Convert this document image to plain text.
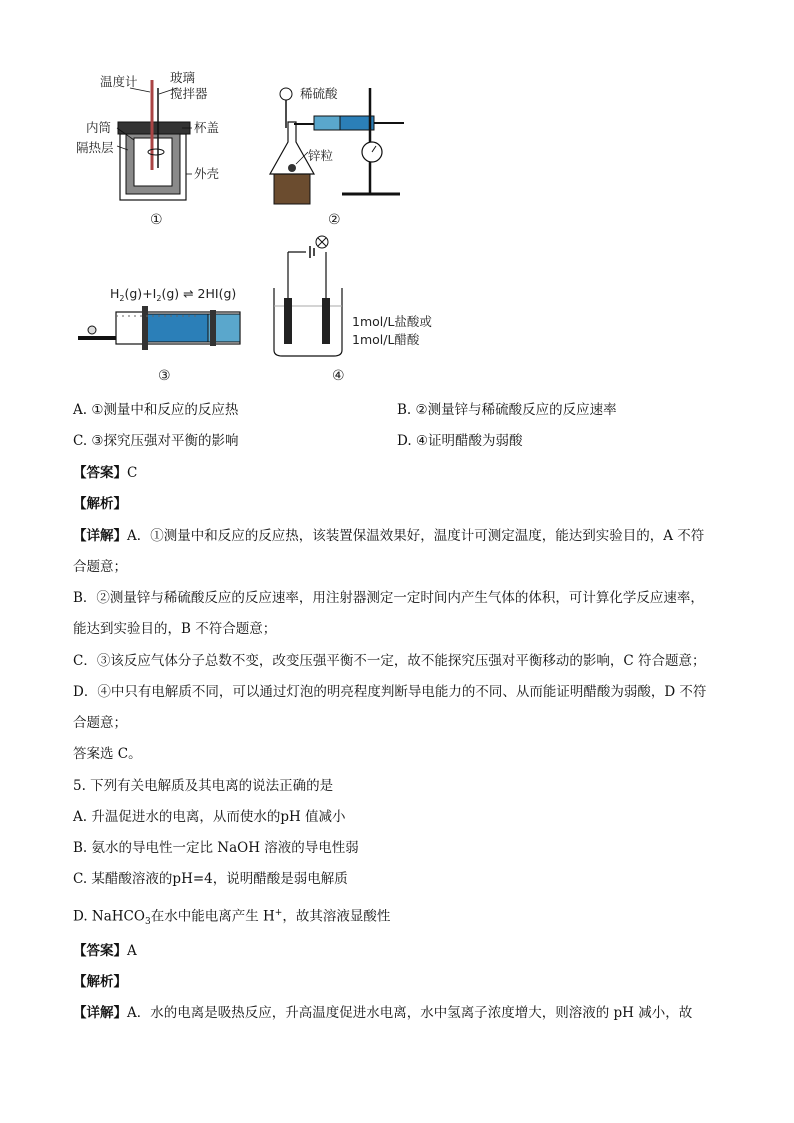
温度计	玻璃
搅拌器
内筒	杯盖
隔热层
外壳
①
稀硫酸
锌粒
②
$H_2(g)+I_2(g)$ ⇌ 2HI(g)
③
1mol/L盐酸或
1mol/L醋酸
④
A. ①测量中和反应的反应热	B. ②测量锌与稀硫酸反应的反应速率
C. ③探究压强对平衡的影响	D. ④证明醋酸为弱酸
【答案】C
【解析】
【详解】A．①测量中和反应的反应热，该装置保温效果好，温度计可测定温度，能达到实验目的，A 不符
合题意；
B．②测量锌与稀硫酸反应的反应速率，用注射器测定一定时间内产生气体的体积，可计算化学反应速率，
能达到实验目的，B 不符合题意；
C．③该反应气体分子总数不变，改变压强平衡不一定，故不能探究压强对平衡移动的影响，C 符合题意；
D．④中只有电解质不同，可以通过灯泡的明亮程度判断导电能力的不同、从而能证明醋酸为弱酸，D 不符
合题意；
答案选 C。
5. 下列有关电解质及其电离的说法正确的是
A. 升温促进水的电离，从而使水的pH 值减小
B. 氨水的导电性一定比 NaOH 溶液的导电性弱
C. 某醋酸溶液的pH=4，说明醋酸是弱电解质
D. NaHCO$_3$在水中能电离产生 H+，故其溶液显酸性
【答案】A
【解析】
【详解】A．水的电离是吸热反应，升高温度促进水电离，水中氢离子浓度增大，则溶液的 pH 减小，故
